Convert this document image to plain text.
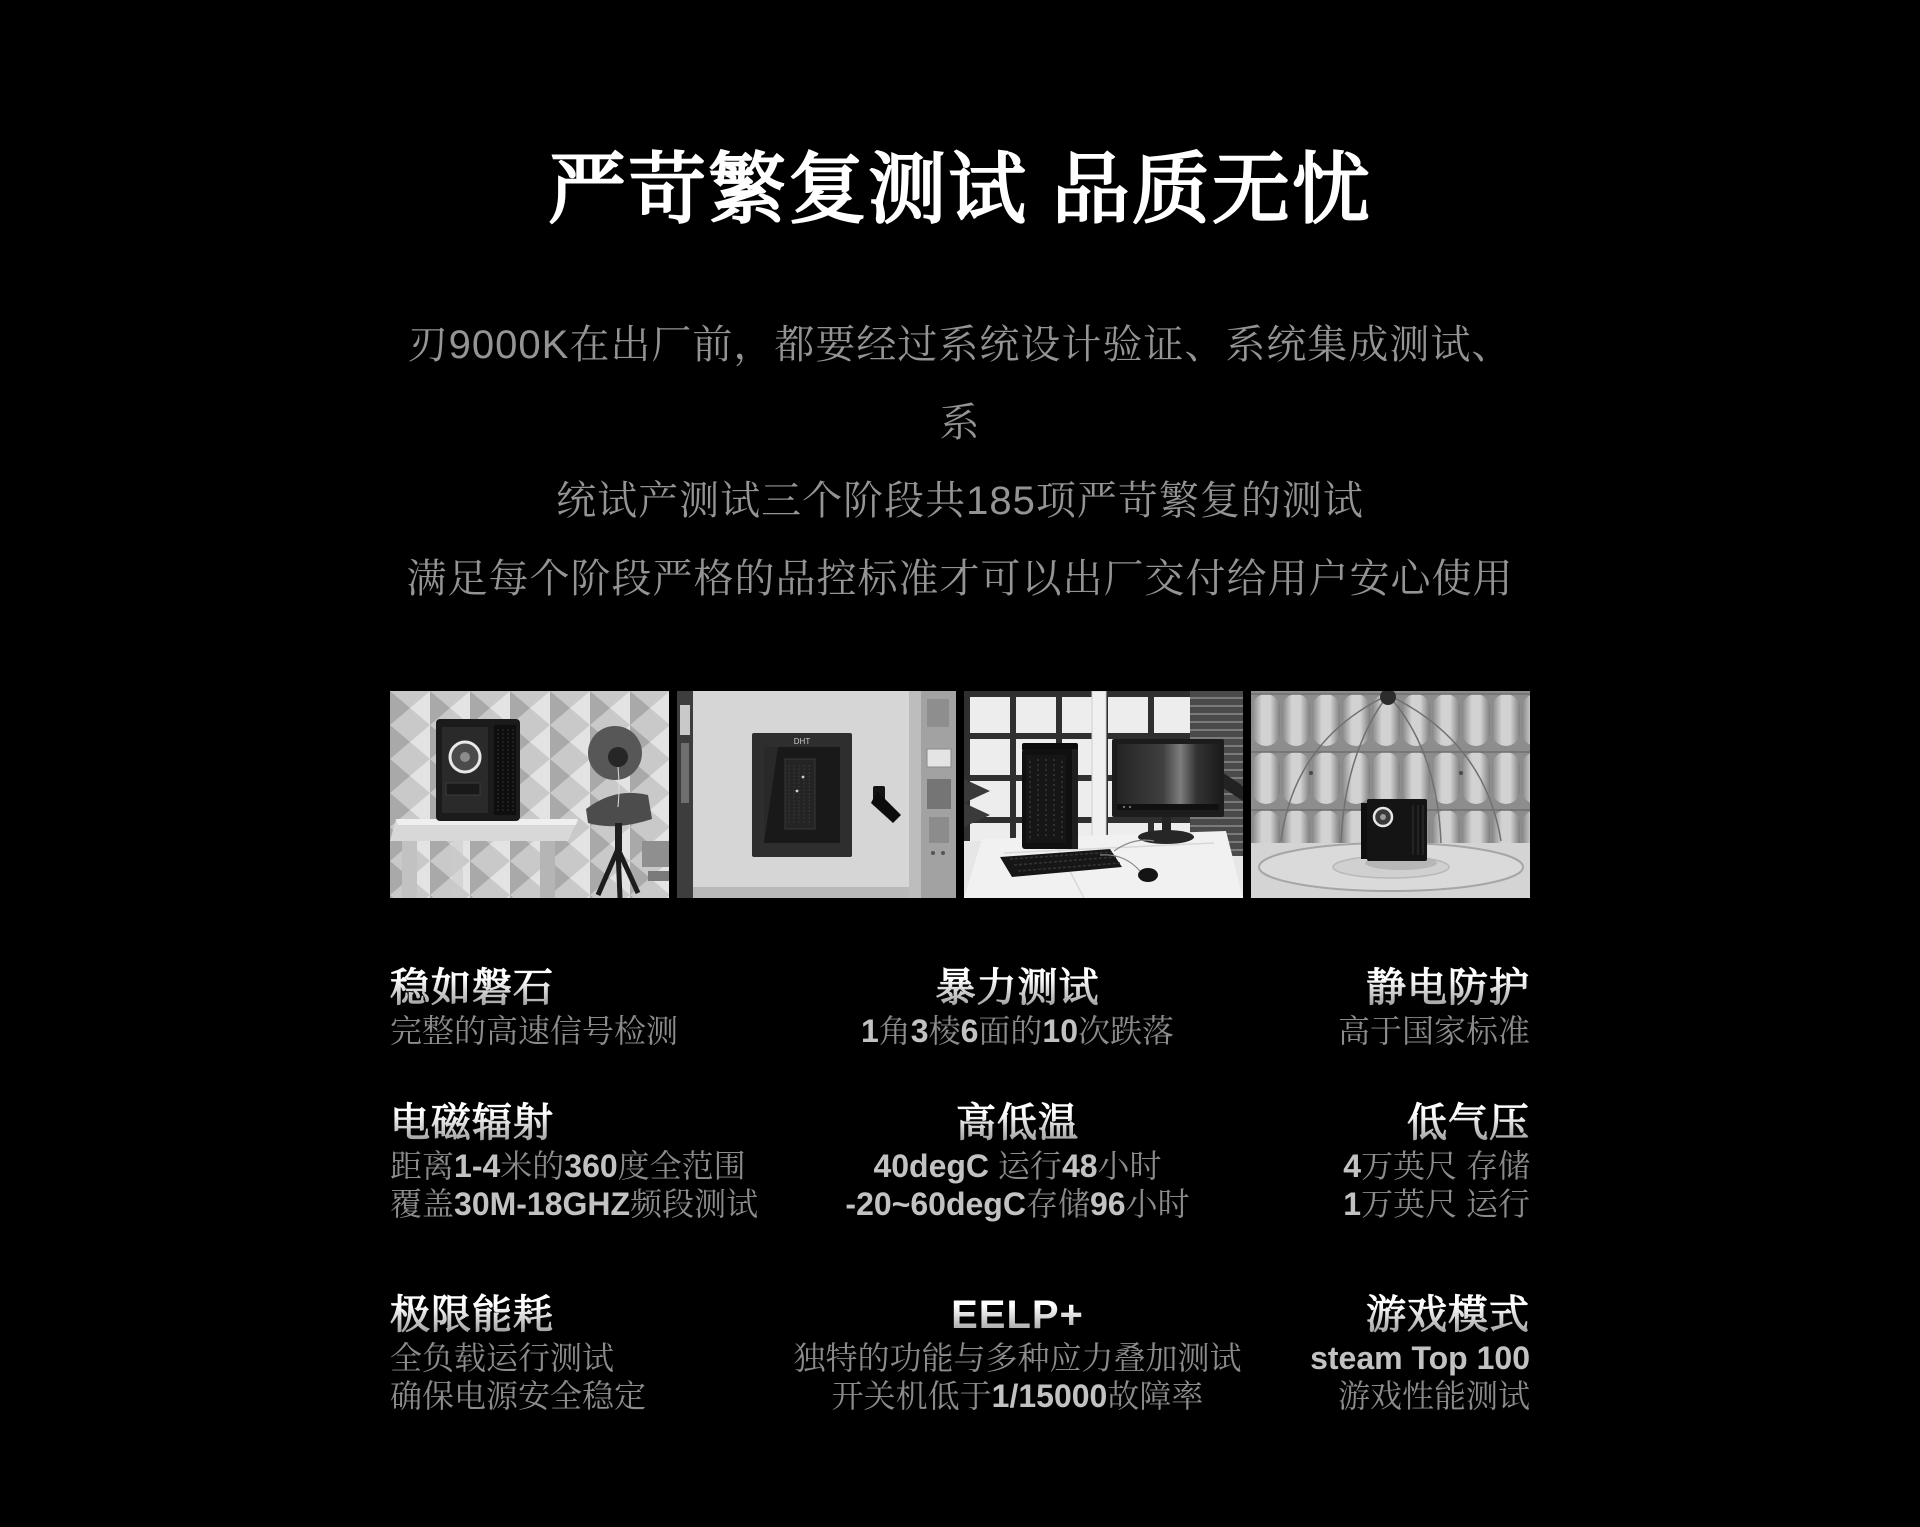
严苛繁复测试 品质无忧
刃9000K在出厂前，都要经过系统设计验证、系统集成测试、系
统试产测试三个阶段共185项严苛繁复的测试
满足每个阶段严格的品控标准才可以出厂交付给用户安心使用
DHT
稳如磐石
完整的高速信号检测
暴力测试
1角3棱6面的10次跌落
静电防护
高于国家标准
电磁辐射
距离1-4米的360度全范围
覆盖30M-18GHZ频段测试
高低温
40degC 运行48小时
-20~60degC存储96小时
低气压
4万英尺 存储
1万英尺 运行
极限能耗
全负载运行测试
确保电源安全稳定
EELP+
独特的功能与多种应力叠加测试
开关机低于1/15000故障率
游戏模式
steam Top 100
游戏性能测试
